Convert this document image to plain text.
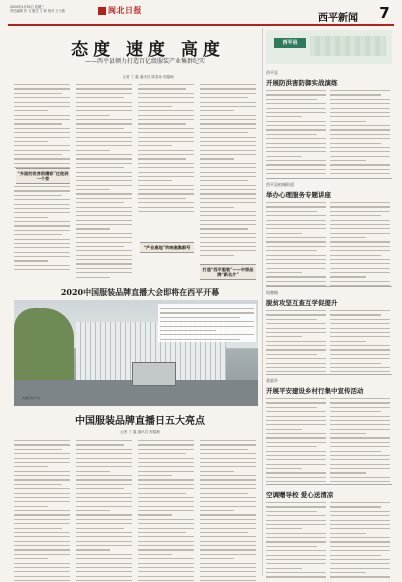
2020年4月30日 星期三
责任编辑 苏 飞 版式 王 莉 校对 王小燕	闽北日报
西平新闻 7
态度 速度 高度
——西平县倾力打造百亿级服装产业集群纪实
记者 丁 鑫 通讯员 陈春伟 郭镭楠
“外面的世界很精彩”迁徙到一个家
“产业高地”吹响高集群号
打造“西平服装”——中原品牌“新名片”
2020中国服装品牌直播大会即将在西平开幕
直播基地外景
中国服装品牌直播日五大亮点
记者 丁 鑫 通讯员 郭镭楠
西平县
西平县
开展防洪害防御实战演练
西平县柏城街道
举办心理服务专题讲座
权寨镇
脱贫攻坚互查互学促提升
重渠乡
开展平安建设乡村行集中宣传活动
空调赠导校 爱心送清凉
